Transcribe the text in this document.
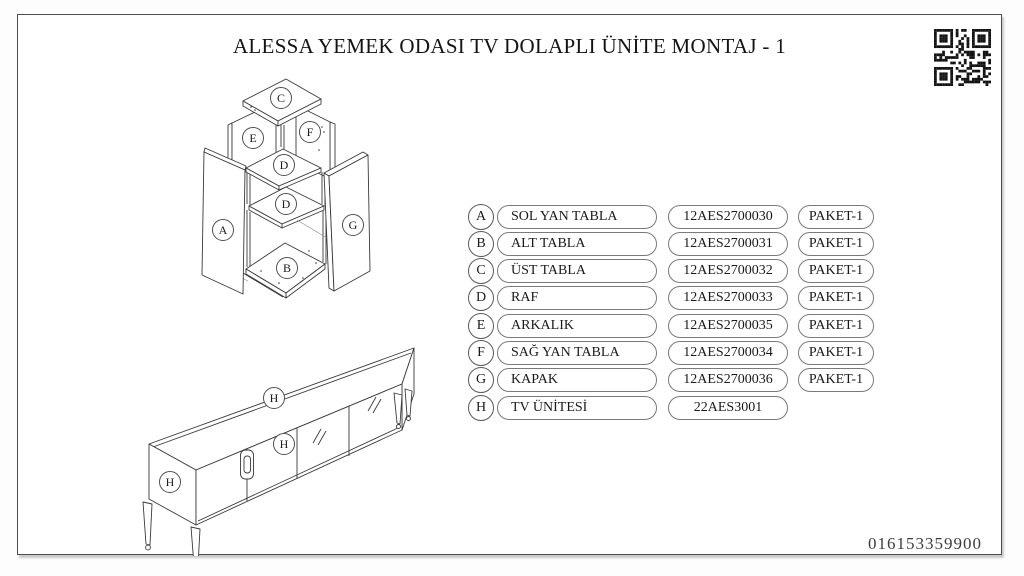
ALESSA YEMEK ODASI TV DOLAPLI ÜNİTE MONTAJ - 1
A
B
C
D
D
E	F
G
H
H
H
A	SOL YAN TABLA	12AES2700030	PAKET-1
B	ALT TABLA	12AES2700031	PAKET-1
C	ÜST TABLA	12AES2700032	PAKET-1
D	RAF	12AES2700033	PAKET-1
E	ARKALIK	12AES2700035	PAKET-1
F	SAĞ YAN TABLA	12AES2700034	PAKET-1
G	KAPAK	12AES2700036	PAKET-1
H	TV ÜNİTESİ	22AES3001
016153359900
